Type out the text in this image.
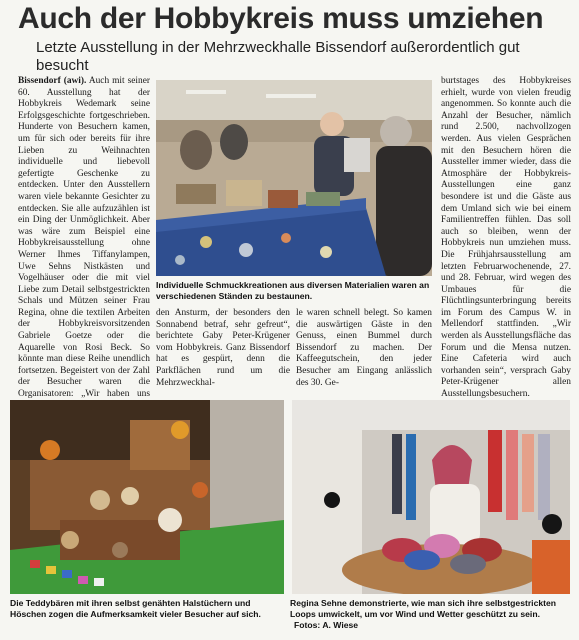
Auch der Hobbykreis muss umziehen
Letzte Ausstellung in der Mehrzweckhalle Bissendorf außerordentlich gut besucht
Bissendorf (awi). Auch mit seiner 60. Ausstellung hat der Hobbykreis Wedemark seine Erfolgsgeschichte fortgeschrieben. Hunderte von Besuchern kamen, um für sich oder bereits für ihre Lieben zu Weihnachten individuelle und liebevoll gefertigte Geschenke zu entdecken. Unter den Ausstellern waren viele bekannte Gesichter zu entdecken. Sie alle aufzuzählen ist ein Ding der Unmöglichkeit. Aber was wäre zum Beispiel eine Hobbykreisausstellung ohne Werner Ihmes Tiffanylampen, Uwe Sehns Nistkästen und Vogelhäuser oder die mit viel Liebe zum Detail selbstgestrickten Schals und Mützen seiner Frau Regina, ohne die textilen Arbeiten der Hobbykreisvorsitzenden Gabriele Goetze oder die Aquarelle von Rosi Beck. So könnte man diese Reihe unendlich fortsetzen. Begeistert von der Zahl der Besucher waren die Organisatoren: „Wir haben uns
Individuelle Schmuckkreationen aus diversen Materialien waren an verschiedenen Ständen zu bestaunen.
burtstages des Hobbykreises erhielt, wurde von vielen freudig angenommen. So konnte auch die Anzahl der Besucher, nämlich rund 2.500, nachvollzogen werden. Aus vielen Gesprächen mit den Besuchern hören die Aussteller immer wieder, dass die Atmosphäre der Hobbykreis-Ausstellungen eine ganz besondere ist und die Gäste aus dem Umland sich wie bei einem Familientreffen fühlen. Das soll auch so bleiben, wenn der Hobbykreis nun umziehen muss. Die Frühjahrsausstellung am letzten Februarwochenende, 27. und 28. Februar, wird wegen des Umbaues für die Flüchtlingsunterbringung bereits im Forum des Campus W. in Mellendorf stattfinden. „Wir werden als Ausstellungsfläche das Forum und die Mensa nutzen. Eine Cafeteria wird auch vorhanden sein“, versprach Gaby Peter-Krügener allen Ausstellungsbesuchern.
den Ansturm, der besonders den Sonnabend betraf, sehr gefreut“, berichtete Gaby Peter-Krügener vom Hobbykreis. Ganz Bissendorf hat es gespürt, denn die Parkflächen rund um die Mehrzweckhal-
le waren schnell belegt. So kamen die auswärtigen Gäste in den Genuss, einen Bummel durch Bissendorf zu machen. Der Kaffeegutschein, den jeder Besucher am Eingang anlässlich des 30. Ge-
Die Teddybären mit ihren selbst genähten Halstüchern und Höschen zogen die Aufmerksamkeit vieler Besucher auf sich.
Regina Sehne demonstrierte, wie man sich ihre selbstgestrickten Loops umwickelt, um vor Wind und Wetter geschützt zu sein. Fotos: A. Wiese
